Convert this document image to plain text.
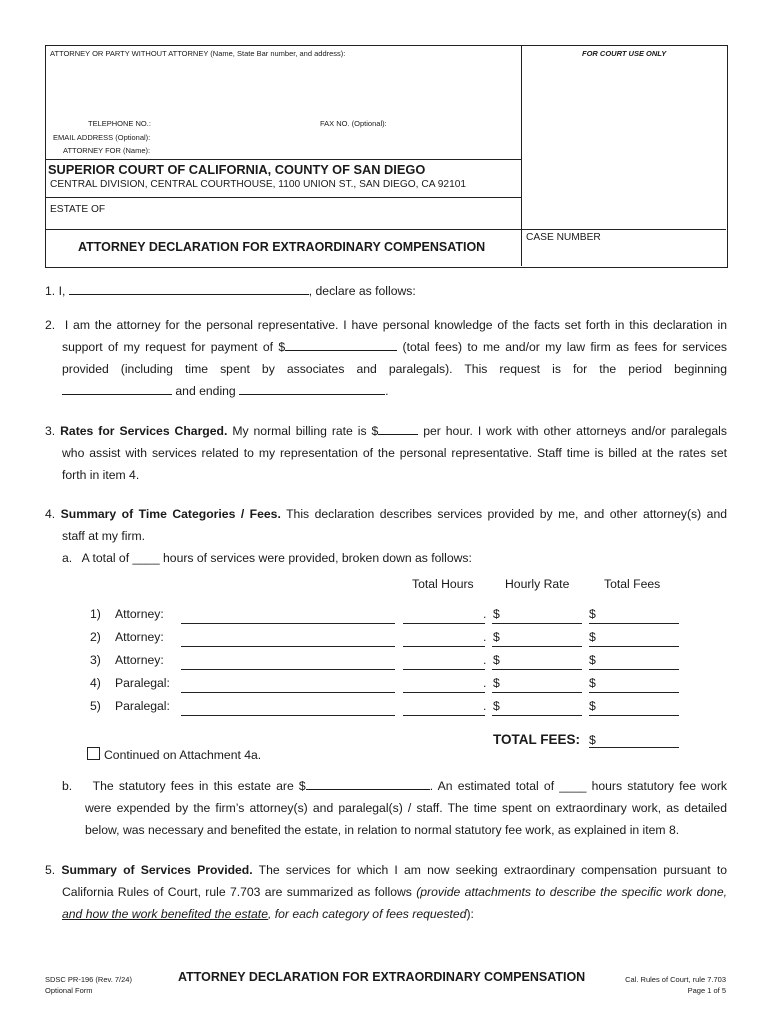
ATTORNEY OR PARTY WITHOUT ATTORNEY (Name, State Bar number, and address):	FOR COURT USE ONLY
TELEPHONE NO.:	FAX NO. (Optional):
EMAIL ADDRESS (Optional):
ATTORNEY FOR (Name):
SUPERIOR COURT OF CALIFORNIA, COUNTY OF SAN DIEGO
CENTRAL DIVISION, CENTRAL COURTHOUSE, 1100 UNION ST., SAN DIEGO, CA 92101
ESTATE OF
ATTORNEY DECLARATION FOR EXTRAORDINARY COMPENSATION
CASE NUMBER
1. I,	, declare as follows:
2. I am the attorney for the personal representative. I have personal knowledge of the facts set forth in this declaration in
support of my request for payment of $	(total fees) to me and/or my law firm as fees for services
provided (including time spent by associates and paralegals). This request is for the period beginning
and ending	.
3. Rates for Services Charged. My normal billing rate is $	per hour. I work with other attorneys and/or paralegals
who assist with services related to my representation of the personal representative. Staff time is billed at the rates set
forth in item 4.
4. Summary of Time Categories / Fees. This declaration describes services provided by me, and other attorney(s) and
staff at my firm.
a. A total of ____ hours of services were provided, broken down as follows:
Total Hours	Hourly Rate	Total Fees
1) Attorney:	. $	$
2) Attorney:	. $	$
3) Attorney:	. $	$
4) Paralegal:	. $	$
5) Paralegal:	. $	$
TOTAL FEES: $
Continued on Attachment 4a.
b. The statutory fees in this estate are $	. An estimated total of ____ hours statutory fee work
were expended by the firm’s attorney(s) and paralegal(s) / staff. The time spent on extraordinary work, as detailed
below, was necessary and benefited the estate, in relation to normal statutory fee work, as explained in item 8.
5. Summary of Services Provided. The services for which I am now seeking extraordinary compensation pursuant to
California Rules of Court, rule 7.703 are summarized as follows (provide attachments to describe the specific work done,
and how the work benefited the estate, for each category of fees requested):
SDSC PR-196 (Rev. 7/24)
Optional Form
ATTORNEY DECLARATION FOR EXTRAORDINARY COMPENSATION	Cal. Rules of Court, rule 7.703
Page 1 of 5
